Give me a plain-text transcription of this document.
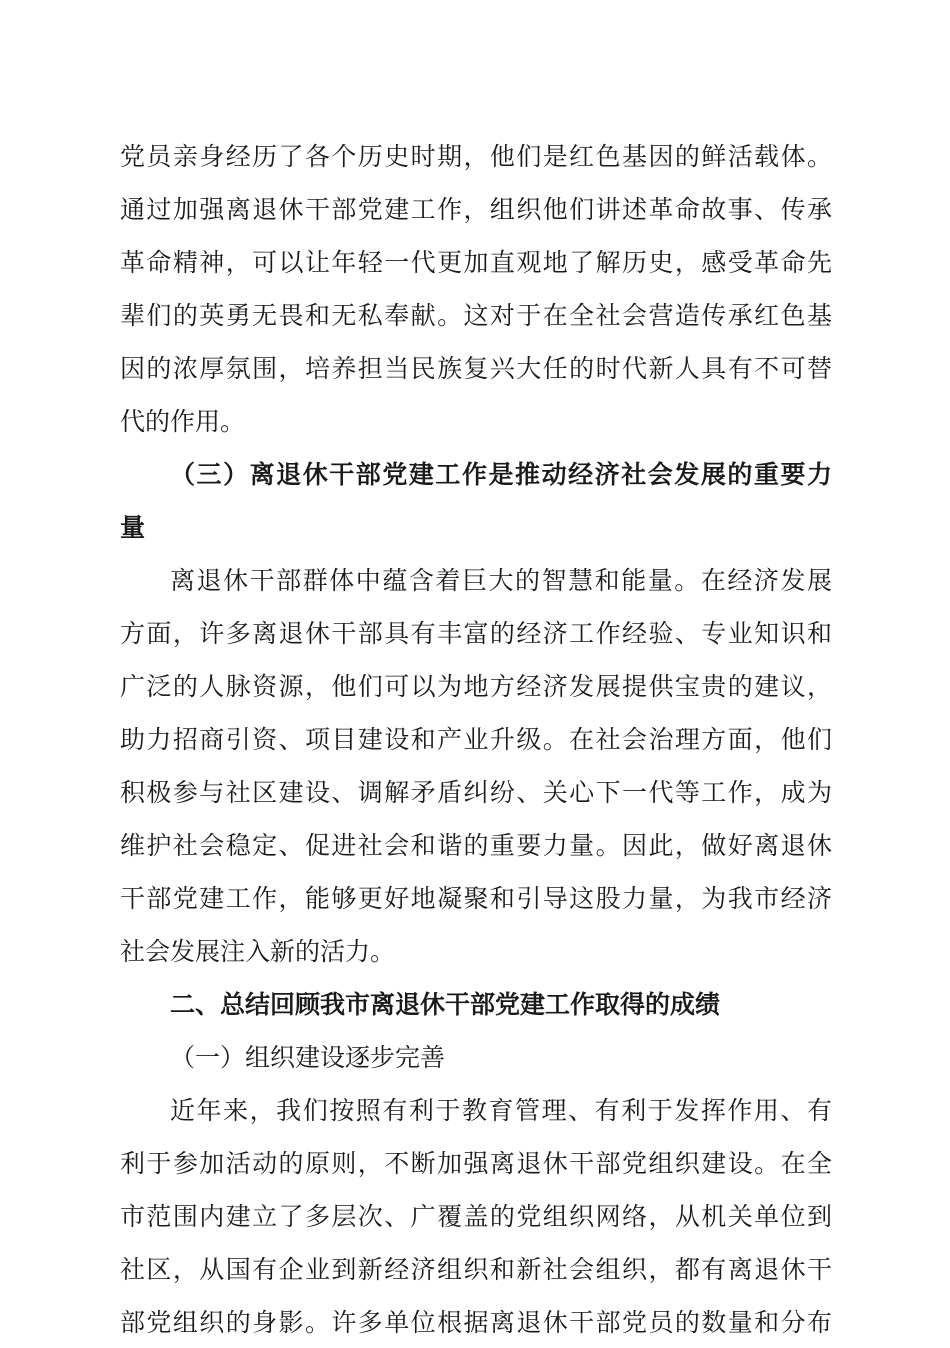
党员亲身经历了各个历史时期，他们是红色基因的鲜活载体。
通过加强离退休干部党建工作，组织他们讲述革命故事、传承
革命精神，可以让年轻一代更加直观地了解历史，感受革命先
辈们的英勇无畏和无私奉献。这对于在全社会营造传承红色基
因的浓厚氛围，培养担当民族复兴大任的时代新人具有不可替
代的作用。
（三）离退休干部党建工作是推动经济社会发展的重要力
量
离退休干部群体中蕴含着巨大的智慧和能量。在经济发展
方面，许多离退休干部具有丰富的经济工作经验、专业知识和
广泛的人脉资源，他们可以为地方经济发展提供宝贵的建议，
助力招商引资、项目建设和产业升级。在社会治理方面，他们
积极参与社区建设、调解矛盾纠纷、关心下一代等工作，成为
维护社会稳定、促进社会和谐的重要力量。因此，做好离退休
干部党建工作，能够更好地凝聚和引导这股力量，为我市经济
社会发展注入新的活力。
二、总结回顾我市离退休干部党建工作取得的成绩
（一）组织建设逐步完善
近年来，我们按照有利于教育管理、有利于发挥作用、有
利于参加活动的原则，不断加强离退休干部党组织建设。在全
市范围内建立了多层次、广覆盖的党组织网络，从机关单位到
社区，从国有企业到新经济组织和新社会组织，都有离退休干
部党组织的身影。许多单位根据离退休干部党员的数量和分布
